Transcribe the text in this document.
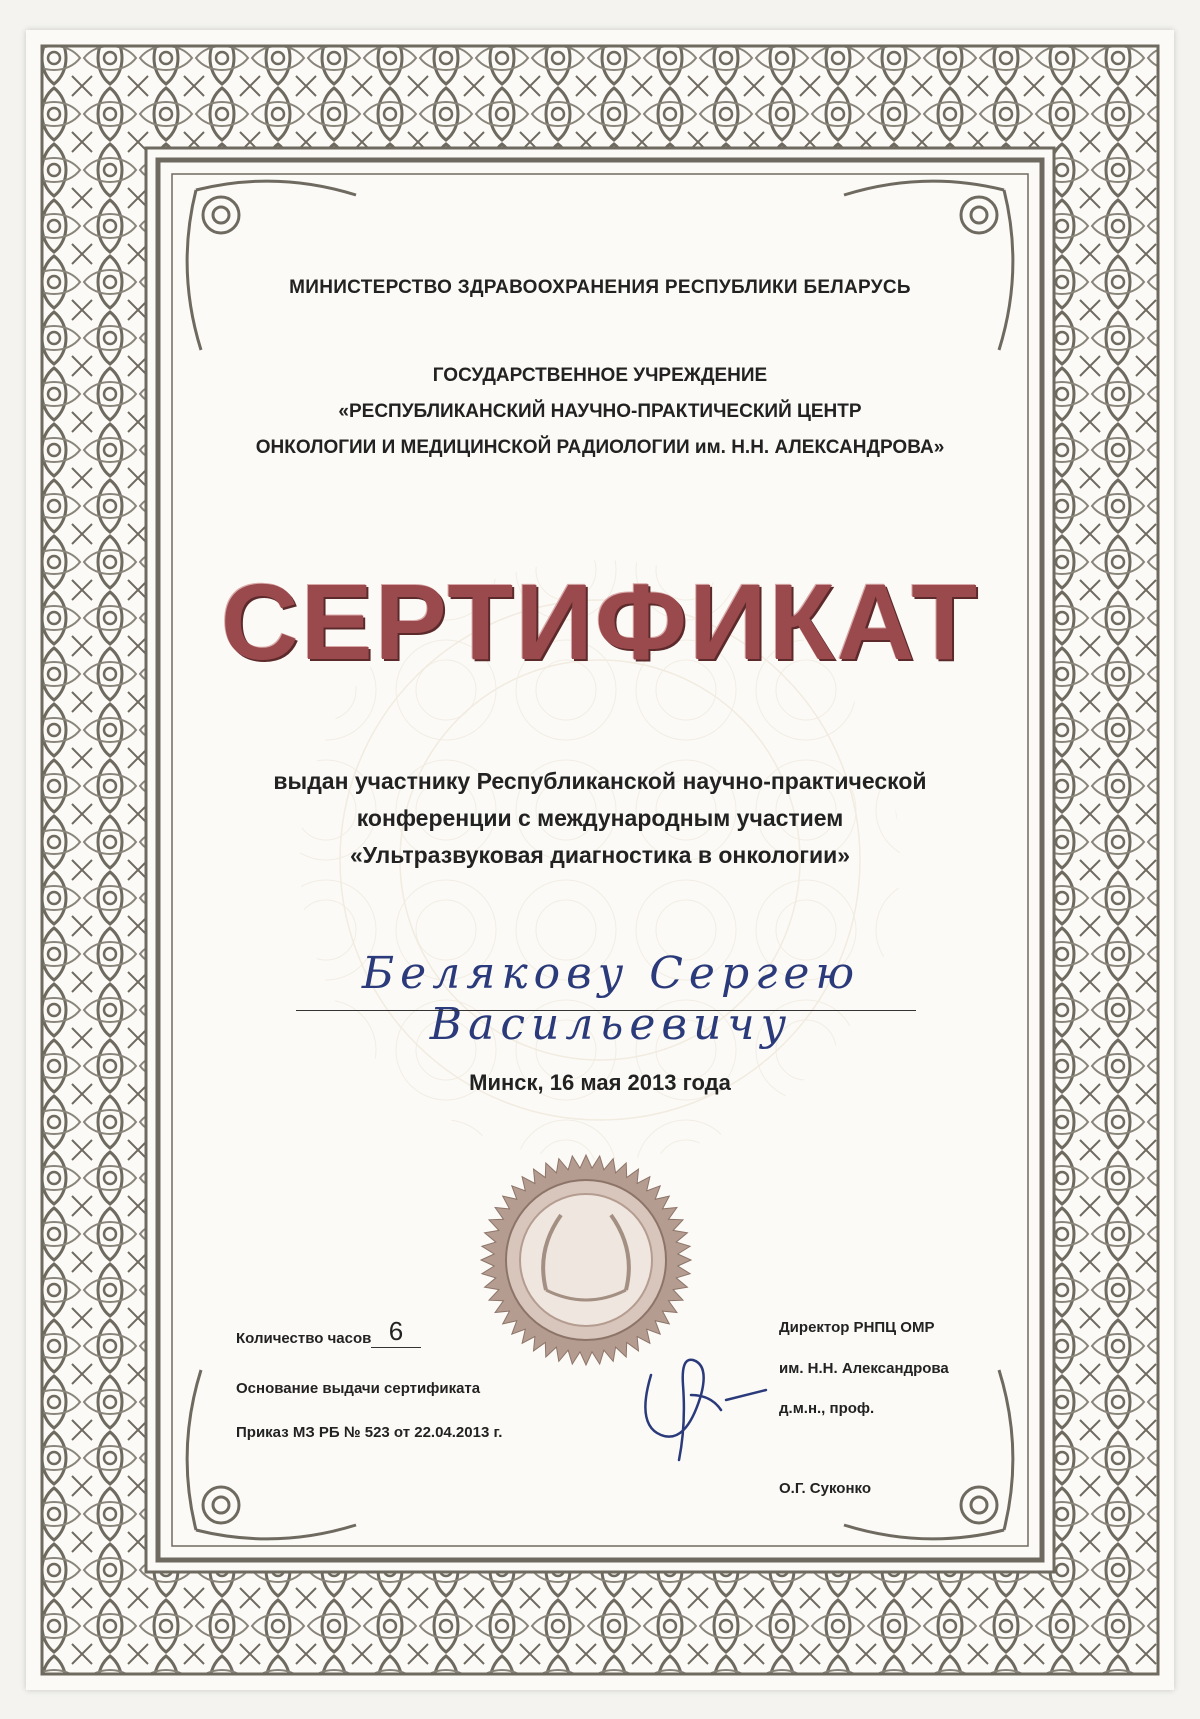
МИНИСТЕРСТВО ЗДРАВООХРАНЕНИЯ РЕСПУБЛИКИ БЕЛАРУСЬ
ГОСУДАРСТВЕННОЕ УЧРЕЖДЕНИЕ
«РЕСПУБЛИКАНСКИЙ НАУЧНО-ПРАКТИЧЕСКИЙ ЦЕНТР
ОНКОЛОГИИ И МЕДИЦИНСКОЙ РАДИОЛОГИИ им. Н.Н. АЛЕКСАНДРОВА»
СЕРТИФИКАТ
выдан участнику Республиканской научно-практической
конференции с международным участием
«Ультразвуковая диагностика в онкологии»
Белякову Сергею Васильевичу
Минск, 16 мая 2013 года
Количество часов 6
Основание выдачи сертификата
Приказ МЗ РБ № 523 от 22.04.2013 г.
Директор РНПЦ ОМР
им. Н.Н. Александрова
д.м.н., проф.
О.Г. Суконко
